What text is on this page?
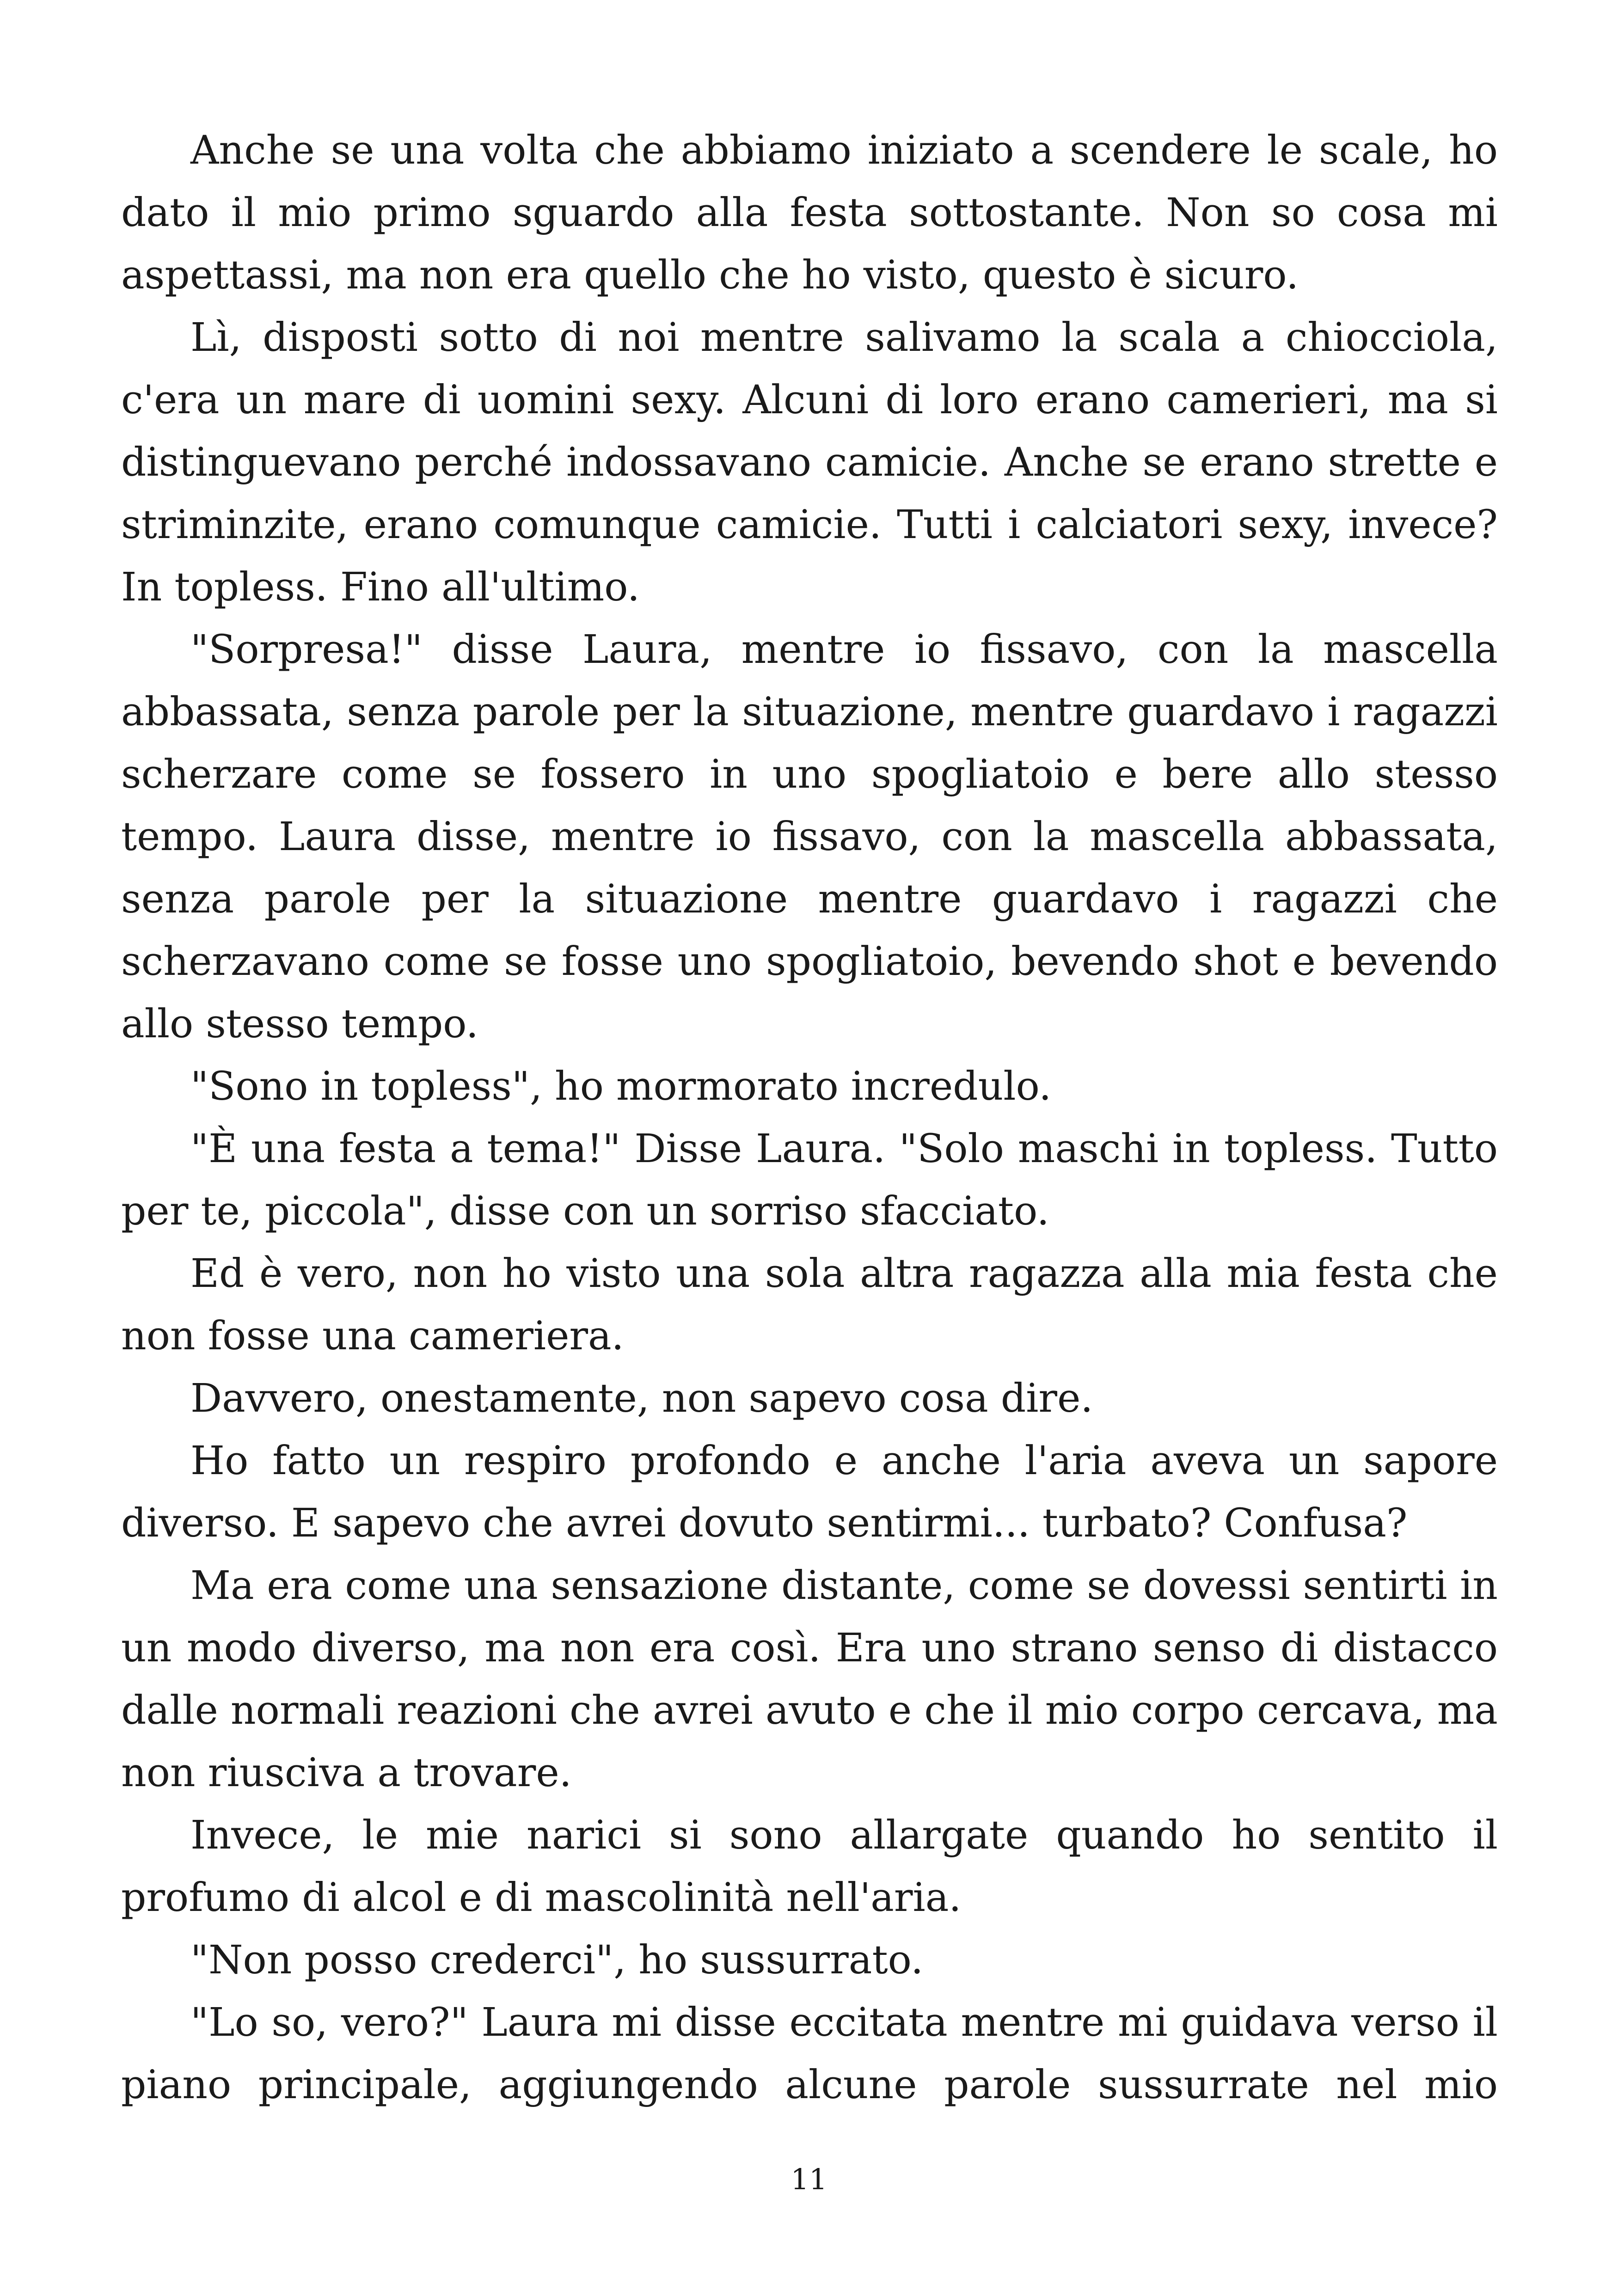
Anche se una volta che abbiamo iniziato a scendere le scale, ho dato il mio primo sguardo alla festa sottostante. Non so cosa mi aspettassi, ma non era quello che ho visto, questo è sicuro.

Lì, disposti sotto di noi mentre salivamo la scala a chiocciola, c'era un mare di uomini sexy. Alcuni di loro erano camerieri, ma si distinguevano perché indossavano camicie. Anche se erano strette e striminzite, erano comunque camicie. Tutti i calciatori sexy, invece? In topless. Fino all'ultimo.

"Sorpresa!" disse Laura, mentre io fissavo, con la mascella abbassata, senza parole per la situazione, mentre guardavo i ragazzi scherzare come se fossero in uno spogliatoio e bere allo stesso tempo. Laura disse, mentre io fissavo, con la mascella abbassata, senza parole per la situazione mentre guardavo i ragazzi che scherzavano come se fosse uno spogliatoio, bevendo shot e bevendo allo stesso tempo.

"Sono in topless", ho mormorato incredulo.

"È una festa a tema!" Disse Laura. "Solo maschi in topless. Tutto per te, piccola", disse con un sorriso sfacciato.

Ed è vero, non ho visto una sola altra ragazza alla mia festa che non fosse una cameriera.

Davvero, onestamente, non sapevo cosa dire.

Ho fatto un respiro profondo e anche l'aria aveva un sapore diverso. E sapevo che avrei dovuto sentirmi... turbato? Confusa?

Ma era come una sensazione distante, come se dovessi sentirti in un modo diverso, ma non era così. Era uno strano senso di distacco dalle normali reazioni che avrei avuto e che il mio corpo cercava, ma non riusciva a trovare.

Invece, le mie narici si sono allargate quando ho sentito il profumo di alcol e di mascolinità nell'aria.

"Non posso crederci", ho sussurrato.

"Lo so, vero?" Laura mi disse eccitata mentre mi guidava verso il piano principale, aggiungendo alcune parole sussurrate nel mio

11
